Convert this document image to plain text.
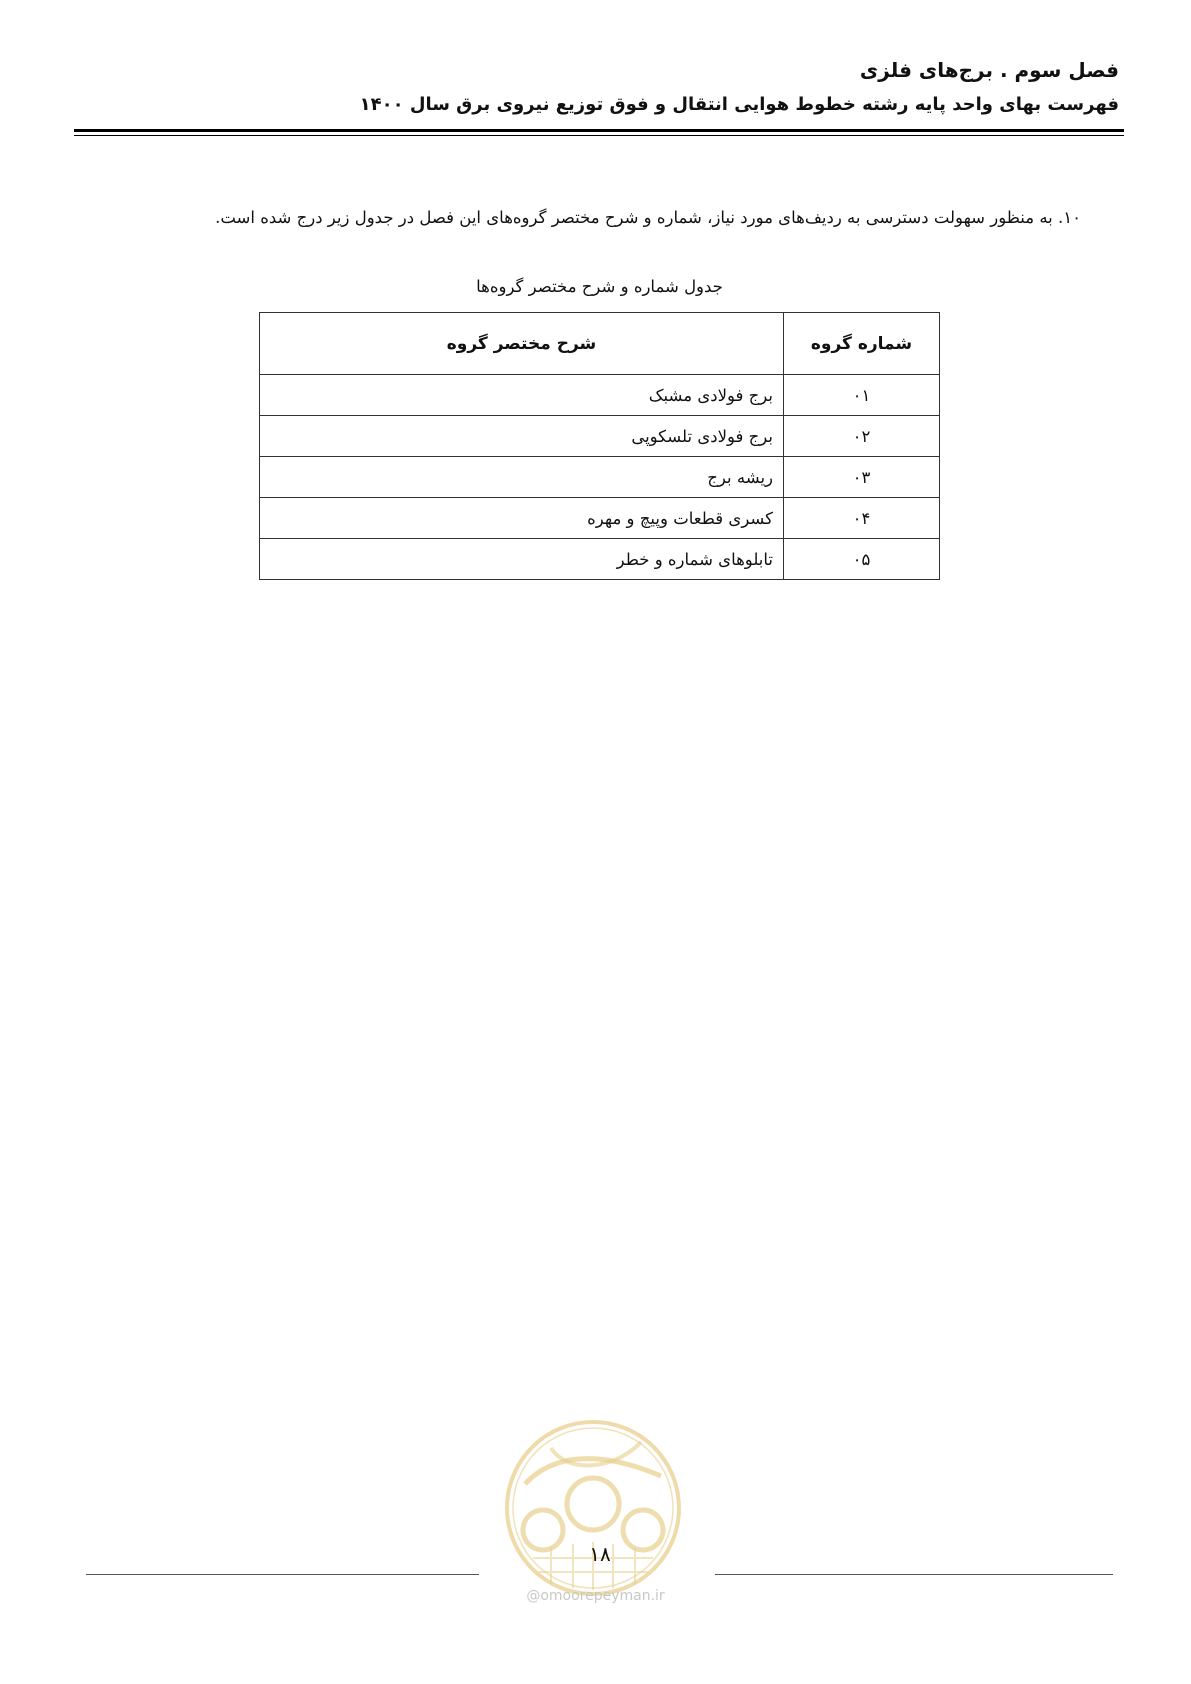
فصل سوم . برج‌های فلزی
فهرست بهای واحد پایه رشته خطوط هوایی انتقال و فوق توزیع نیروی برق سال ۱۴۰۰
۱۰. به منظور سهولت دسترسی به ردیف‌های مورد نیاز، شماره و شرح مختصر گروه‌های این فصل در جدول زیر درج شده است.
جدول شماره و شرح مختصر گروه‌ها
شماره گروه	شرح مختصر گروه
۰۱	برج فولادی مشبک
۰۲	برج فولادی تلسکوپی
۰۳	ریشه برج
۰۴	کسری قطعات وپیچ و مهره
۰۵	تابلوهای شماره و خطر
۱۸
@omoorepeyman.ir
